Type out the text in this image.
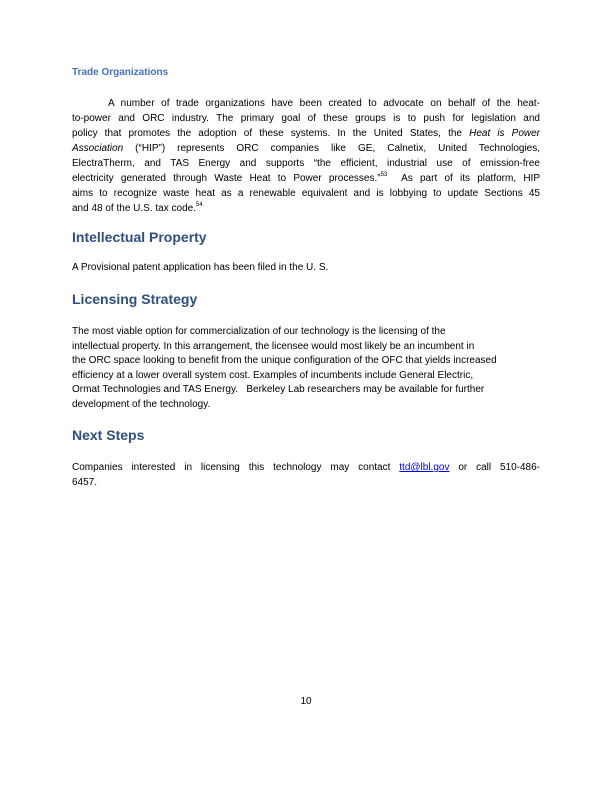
Trade Organizations
A number of trade organizations have been created to advocate on behalf of the heat-
to-power and ORC industry. The primary goal of these groups is to push for legislation and
policy that promotes the adoption of these systems. In the United States, the Heat is Power
Association (“HIP”) represents ORC companies like GE, Calnetix, United Technologies,
ElectraTherm, and TAS Energy and supports “the efficient, industrial use of emission-free
electricity generated through Waste Heat to Power processes.”$^{53}$  As part of its platform, HIP
aims to recognize waste heat as a renewable equivalent and is lobbying to update Sections 45
and 48 of the U.S. tax code.$^{54}$
Intellectual Property
A Provisional patent application has been filed in the U. S.
Licensing Strategy
The most viable option for commercialization of our technology is the licensing of the
intellectual property. In this arrangement, the licensee would most likely be an incumbent in
the ORC space looking to benefit from the unique configuration of the OFC that yields increased
efficiency at a lower overall system cost. Examples of incumbents include General Electric,
Ormat Technologies and TAS Energy.   Berkeley Lab researchers may be available for further
development of the technology.
Next Steps
Companies interested in licensing this technology may contact ttd@lbl.gov or call 510-486-
6457.
10
